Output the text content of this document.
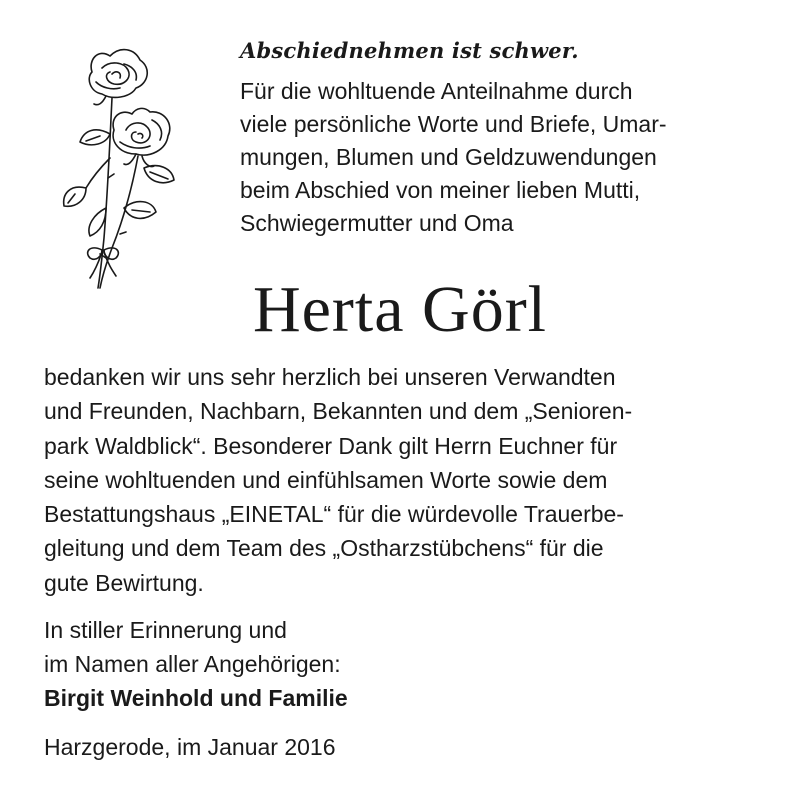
Abschiednehmen ist schwer.
Für die wohltuende Anteilnahme durch
viele persönliche Worte und Briefe, Umar-
mungen, Blumen und Geldzuwendungen
beim Abschied von meiner lieben Mutti,
Schwiegermutter und Oma
Herta Görl
bedanken wir uns sehr herzlich bei unseren Verwandten
und Freunden, Nachbarn, Bekannten und dem „Senioren-
park Waldblick“. Besonderer Dank gilt Herrn Euchner für
seine wohltuenden und einfühlsamen Worte sowie dem
Bestattungshaus „EINETAL“ für die würdevolle Trauerbe-
gleitung und dem Team des „Ostharzstübchens“ für die
gute Bewirtung.
In stiller Erinnerung und
im Namen aller Angehörigen:
Birgit Weinhold und Familie
Harzgerode, im Januar 2016
